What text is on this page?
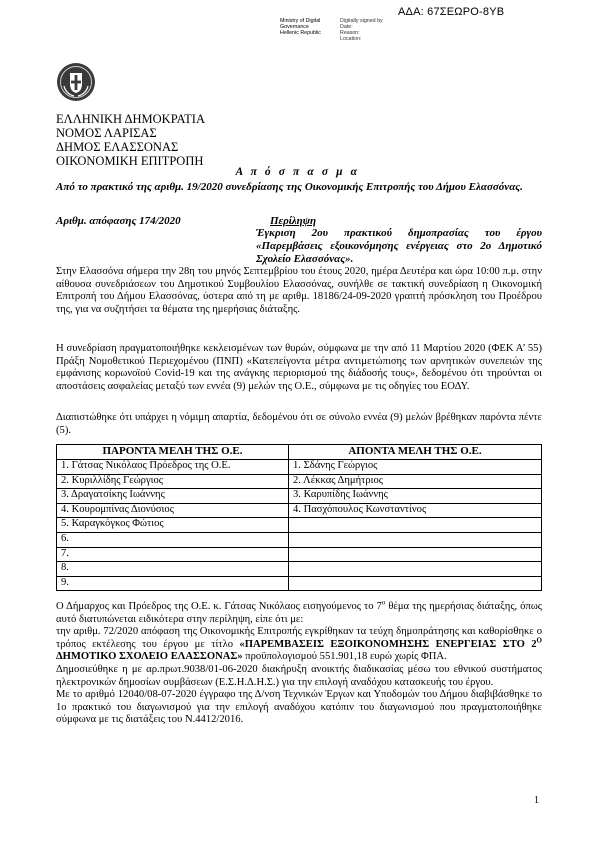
ΑΔΑ: 67ΣΕΩΡΟ-8ΥΒ
Ministry of Digital
Governance
Hellenic Republic
Digitally signed by
Date:
Reason:
Location:
ΕΛΛΗΝΙΚΗ ΔΗΜΟΚΡΑΤΙΑ
ΝΟΜΟΣ ΛΑΡΙΣΑΣ
ΔΗΜΟΣ ΕΛΑΣΣΟΝΑΣ
ΟΙΚΟΝΟΜΙΚΗ ΕΠΙΤΡΟΠΗ
Α π ό σ π α σ μ α
Από το πρακτικό της αριθμ. 19/2020 συνεδρίασης της Οικονομικής Επιτροπής του Δήμου Ελασσόνας.
Αριθμ. απόφασης 174/2020	Περίληψη
Έγκριση 2ου πρακτικού δημοπρασίας του έργου «Παρεμβάσεις εξοικονόμησης ενέργειας στο 2ο Δημοτικό Σχολείο Ελασσόνας».
Στην Ελασσόνα σήμερα την 28η του μηνός Σεπτεμβρίου του έτους 2020, ημέρα Δευτέρα και ώρα 10:00 π.μ. στην αίθουσα συνεδριάσεων του Δημοτικού Συμβουλίου Ελασσόνας, συνήλθε σε τακτική συνεδρίαση η Οικονομική Επιτροπή του Δήμου Ελασσόνας, ύστερα από τη με αριθμ. 18186/24-09-2020 γραπτή πρόσκληση του Προέδρου της, για να συζητήσει τα θέματα της ημερήσιας διάταξης.
Η συνεδρίαση πραγματοποιήθηκε κεκλεισμένων των θυρών, σύμφωνα με την από 11 Μαρτίου 2020 (ΦΕΚ Α’ 55) Πράξη Νομοθετικού Περιεχομένου (ΠΝΠ) «Κατεπείγοντα μέτρα αντιμετώπισης των αρνητικών συνεπειών της εμφάνισης κορωνοϊού Covid-19 και της ανάγκης περιορισμού της διάδοσής τους», δεδομένου ότι τηρούνται οι αποστάσεις ασφαλείας μεταξύ των εννέα (9) μελών της Ο.Ε., σύμφωνα με τις οδηγίες του ΕΟΔΥ.
Διαπιστώθηκε ότι υπάρχει η νόμιμη απαρτία, δεδομένου ότι σε σύνολο εννέα (9) μελών βρέθηκαν παρόντα πέντε (5).
ΠΑΡΟΝΤΑ ΜΕΛΗ ΤΗΣ Ο.Ε.	ΑΠΟΝΤΑ ΜΕΛΗ ΤΗΣ Ο.Ε.
1. Γάτσας Νικόλαος Πρόεδρος της Ο.Ε.	1. Σδάνης Γεώργιος
2. Κυριλλίδης Γεώργιος	2. Λέκκας Δημήτριος
3. Δραγατσίκης Ιωάννης	3. Καρυπίδης Ιωάννης
4. Κουρομπίνας Διονύσιος	4. Πασχόπουλος Κωνσταντίνος
5. Καραγκόγκος Φώτιος	
6.	
7.	
8.	
9.	
Ο Δήμαρχος και Πρόεδρος της Ο.Ε. κ. Γάτσας Νικόλαος εισηγούμενος το $7^o$ θέμα της ημερήσιας διάταξης, όπως αυτό διατυπώνεται ειδικότερα στην περίληψη, είπε ότι με:
την αριθμ. 72/2020 απόφαση της Οικονομικής Επιτροπής εγκρίθηκαν τα τεύχη δημοπράτησης και καθορίσθηκε ο τρόπος εκτέλεσης του έργου με τίτλο «ΠΑΡΕΜΒΑΣΕΙΣ ΕΞΟΙΚΟΝΟΜΗΣΗΣ ΕΝΕΡΓΕΙΑΣ ΣΤΟ $2^O$ ΔΗΜΟΤΙΚΟ ΣΧΟΛΕΙΟ ΕΛΑΣΣΟΝΑΣ» προϋπολογισμού 551.901,18 ευρώ χωρίς ΦΠΑ.
Δημοσιεύθηκε η με αρ.πρωτ.9038/01-06-2020 διακήρυξη ανοικτής διαδικασίας μέσω του εθνικού συστήματος ηλεκτρονικών δημοσίων συμβάσεων (Ε.Σ.Η.Δ.Η.Σ.) για την επιλογή αναδόχου κατασκευής του έργου.
Με το αριθμό 12040/08-07-2020 έγγραφο της Δ/νση Τεχνικών Έργων και Υποδομών του Δήμου διαβιβάσθηκε το 1ο πρακτικό του διαγωνισμού για την επιλογή αναδόχου κατόπιν του διαγωνισμού που πραγματοποιήθηκε σύμφωνα με τις διατάξεις του Ν.4412/2016.
1
